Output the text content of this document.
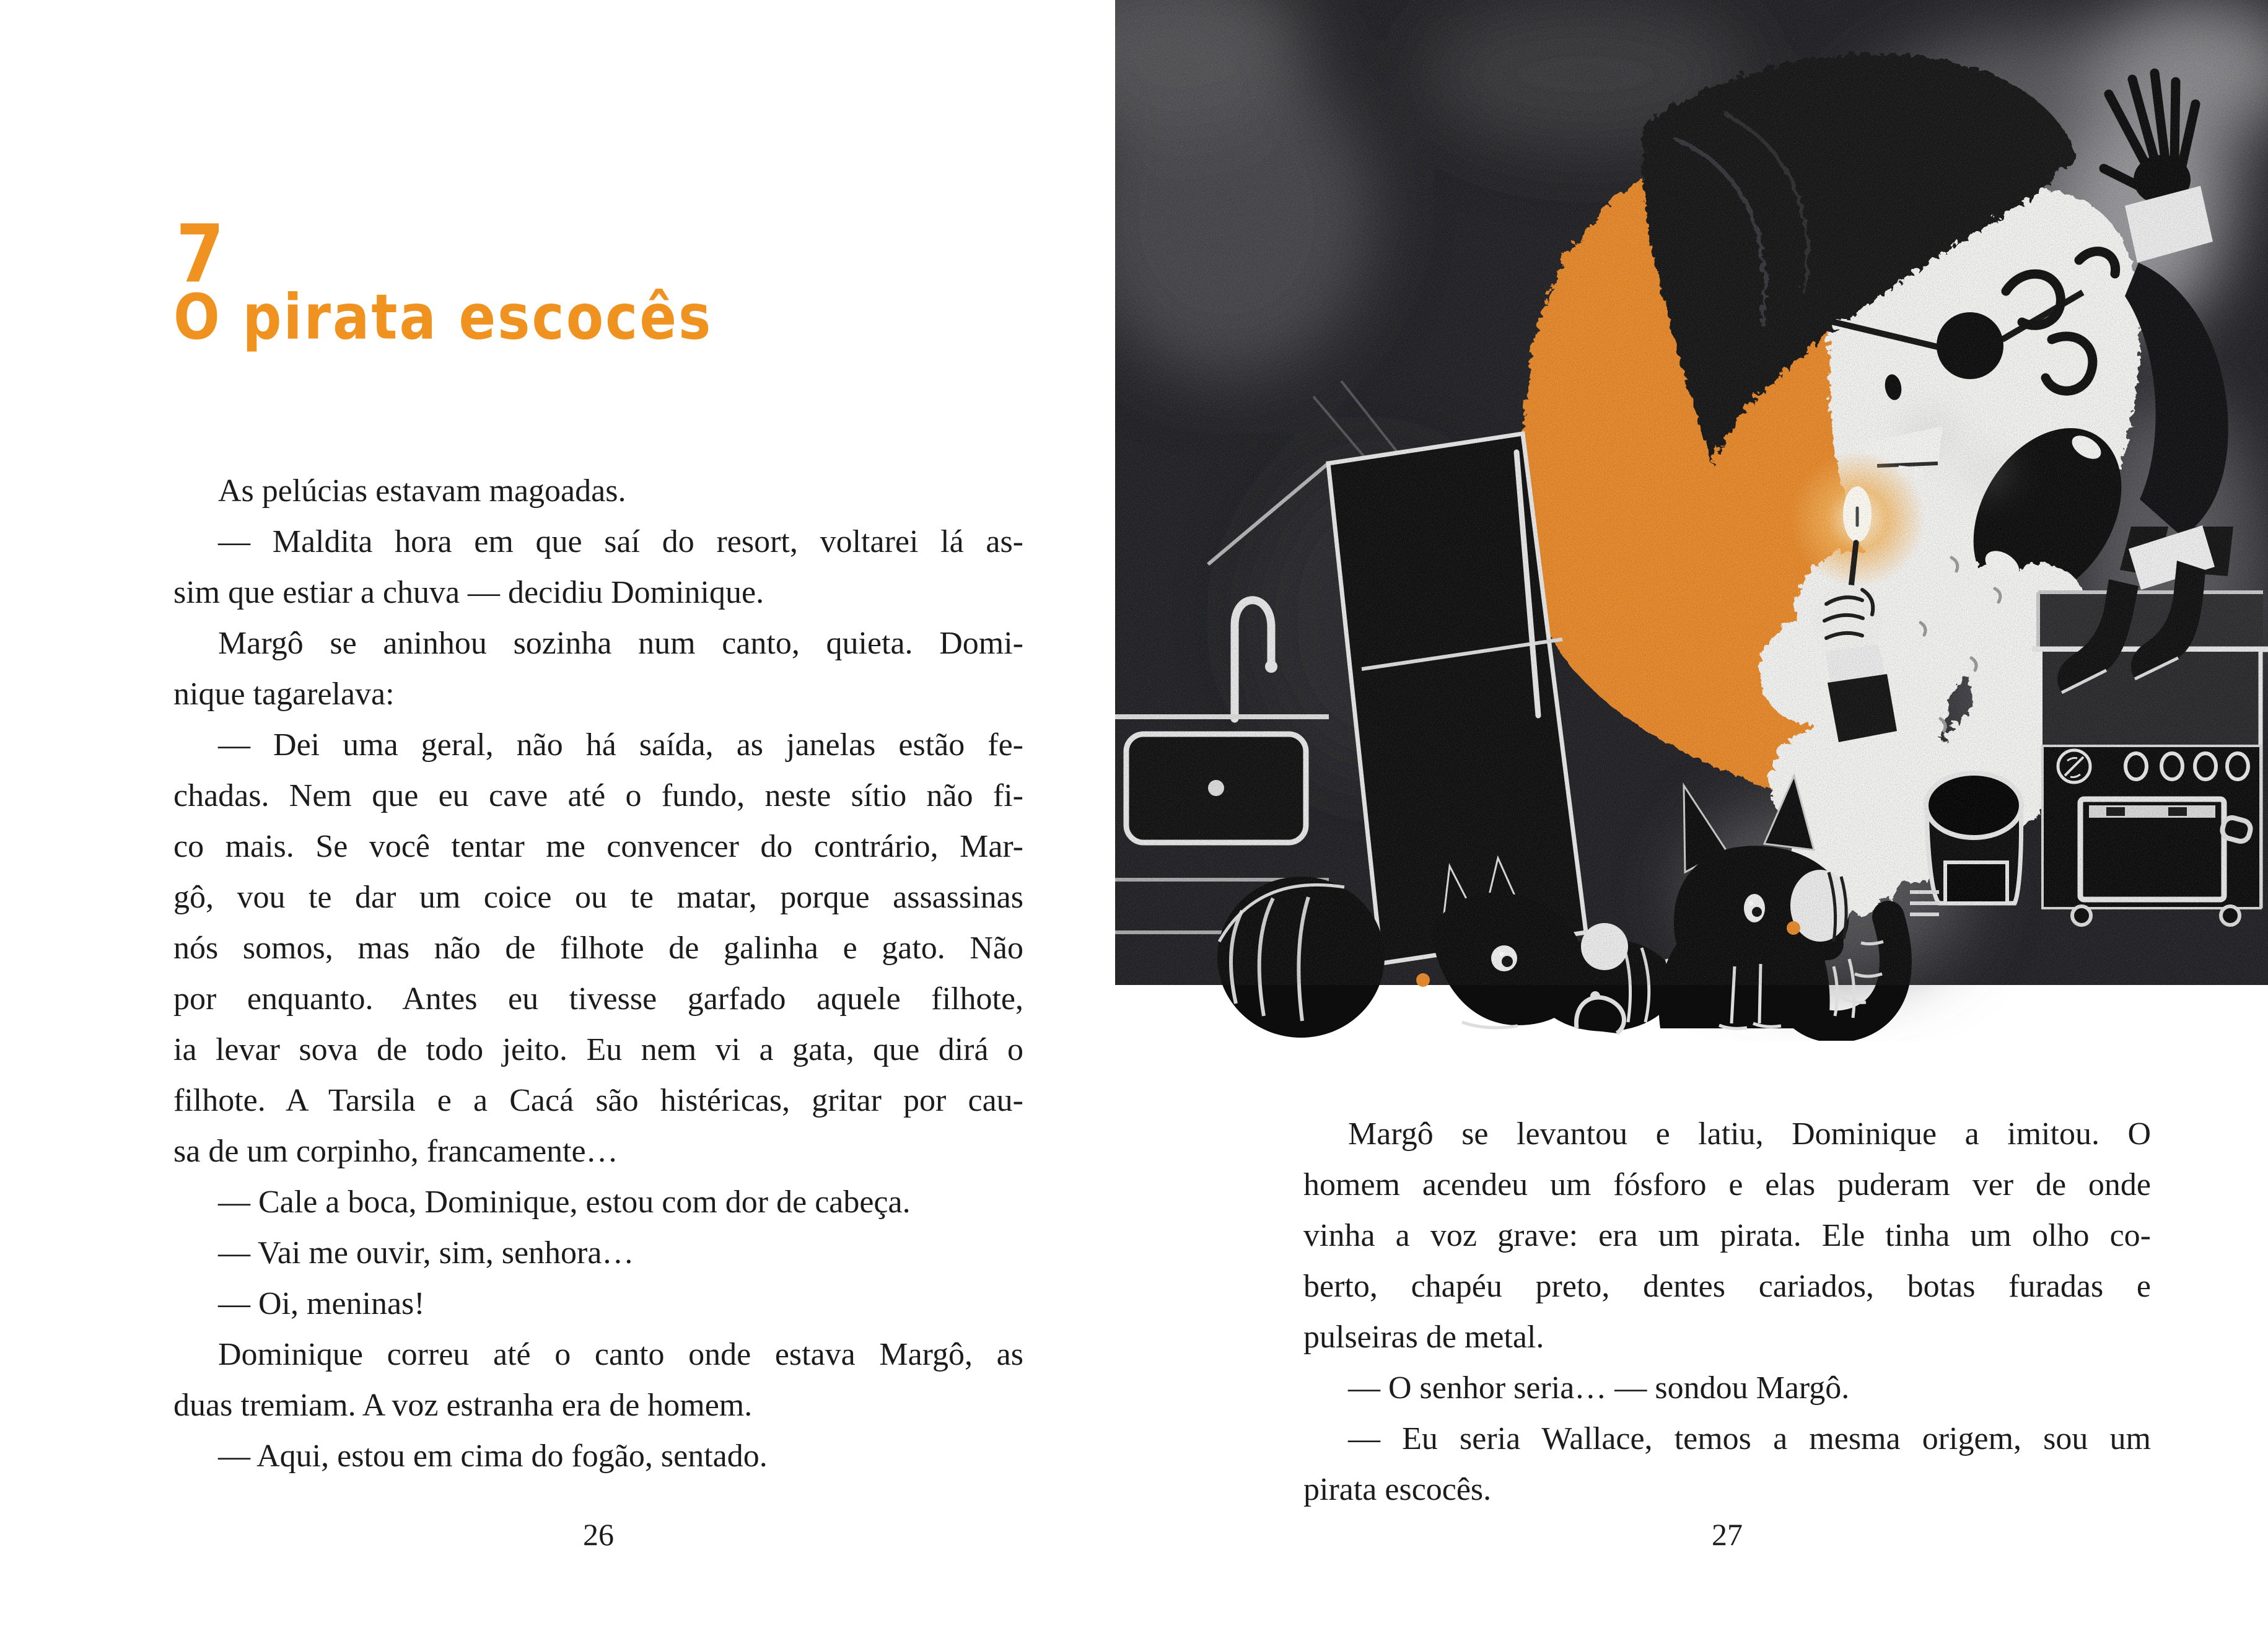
7
O pirata escocês
As pelúcias estavam magoadas.
— Maldita hora em que saí do resort, voltarei lá as-
sim que estiar a chuva — decidiu Dominique.
Margô se aninhou sozinha num canto, quieta. Domi-
nique tagarelava:
— Dei uma geral, não há saída, as janelas estão fe-
chadas. Nem que eu cave até o fundo, neste sítio não fi-
co mais. Se você tentar me convencer do contrário, Mar-
gô, vou te dar um coice ou te matar, porque assassinas
nós somos, mas não de filhote de galinha e gato. Não
por enquanto. Antes eu tivesse garfado aquele filhote,
ia levar sova de todo jeito. Eu nem vi a gata, que dirá o
filhote. A Tarsila e a Cacá são histéricas, gritar por cau-
sa de um corpinho, francamente…
— Cale a boca, Dominique, estou com dor de cabeça.
— Vai me ouvir, sim, senhora…
— Oi, meninas!
Dominique correu até o canto onde estava Margô, as
duas tremiam. A voz estranha era de homem.
— Aqui, estou em cima do fogão, sentado.
26
Margô se levantou e latiu, Dominique a imitou. O
homem acendeu um fósforo e elas puderam ver de onde
vinha a voz grave: era um pirata. Ele tinha um olho co-
berto, chapéu preto, dentes cariados, botas furadas e
pulseiras de metal.
— O senhor seria… — sondou Margô.
— Eu seria Wallace, temos a mesma origem, sou um
pirata escocês.
27
